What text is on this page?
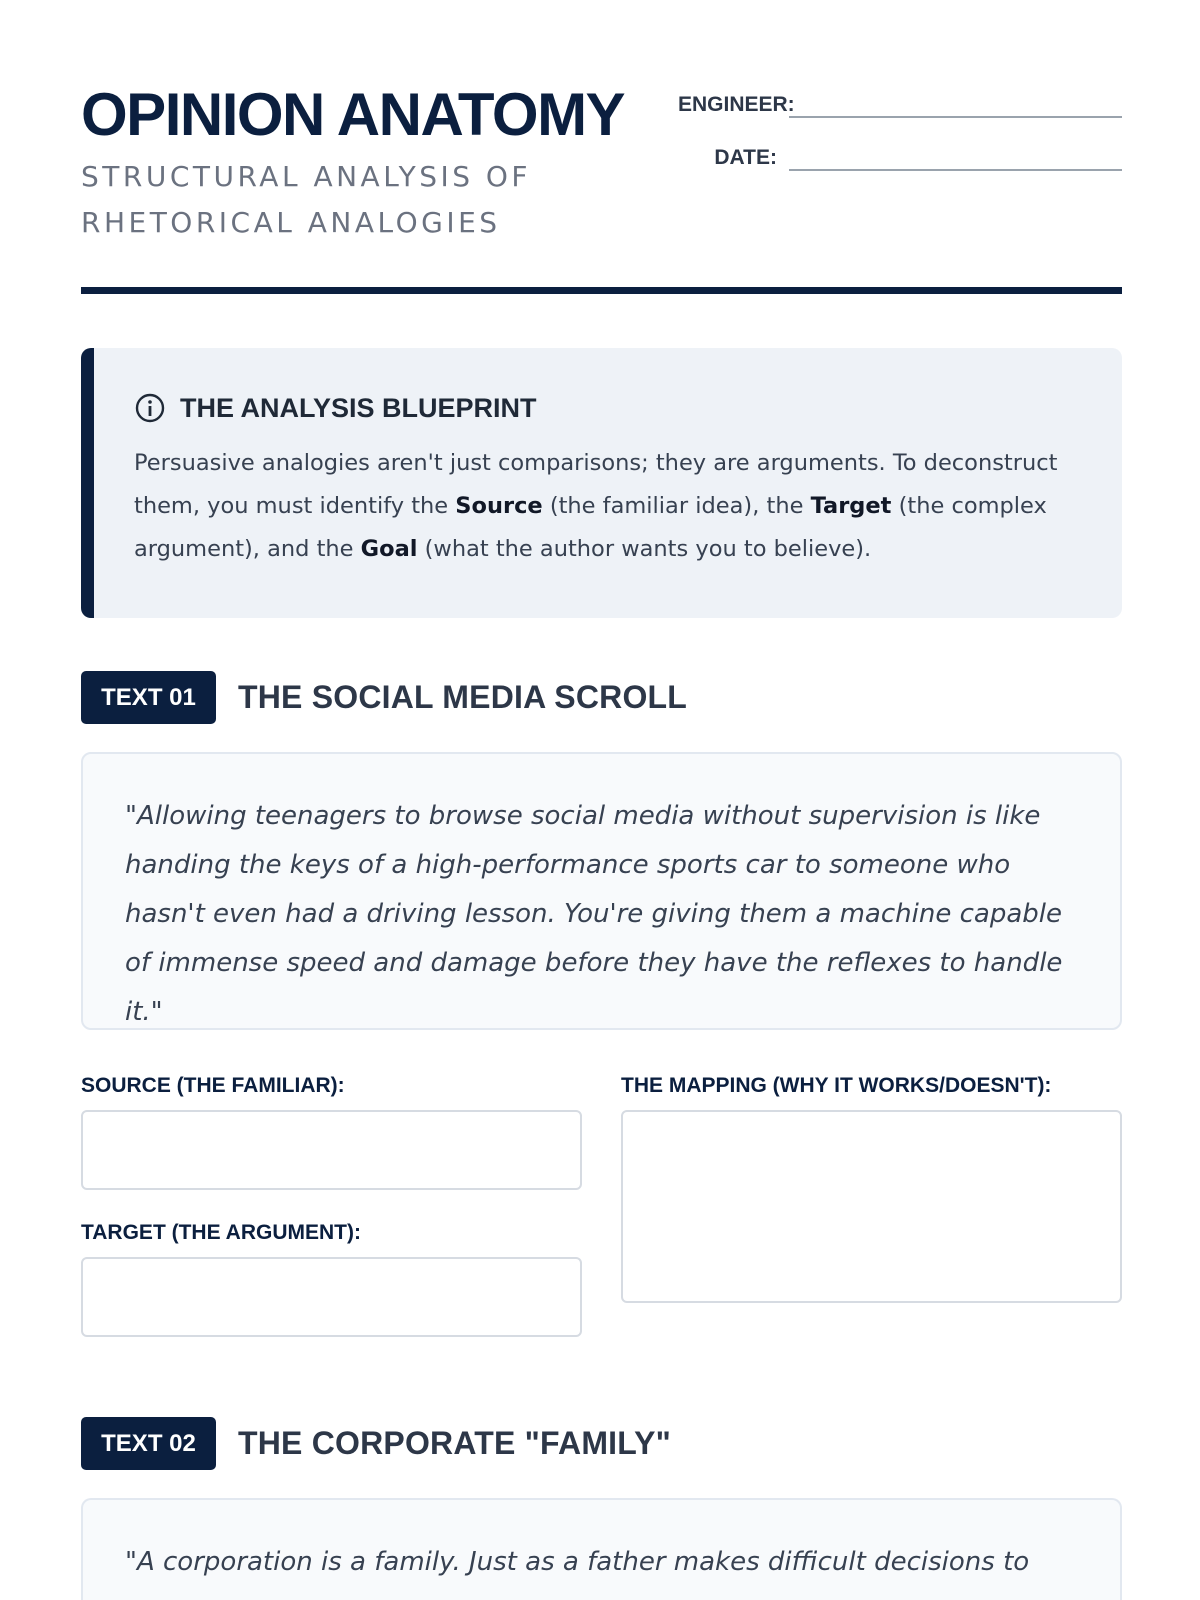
OPINION ANATOMY
STRUCTURAL ANALYSIS OF RHETORICAL ANALOGIES
ENGINEER:
DATE:
THE ANALYSIS BLUEPRINT

Persuasive analogies aren't just comparisons; they are arguments. To deconstruct them, you must identify the Source (the familiar idea), the Target (the complex argument), and the Goal (what the author wants you to believe).

TEXT 01	THE SOCIAL MEDIA SCROLL
"Allowing teenagers to browse social media without supervision is like handing the keys of a high-performance sports car to someone who hasn't even had a driving lesson. You're giving them a machine capable of immense speed and damage before they have the reflexes to handle it."
SOURCE (THE FAMILIAR):
TARGET (THE ARGUMENT):
THE MAPPING (WHY IT WORKS/DOESN'T):
TEXT 02	THE CORPORATE "FAMILY"
"A corporation is a family. Just as a father makes difficult decisions to
